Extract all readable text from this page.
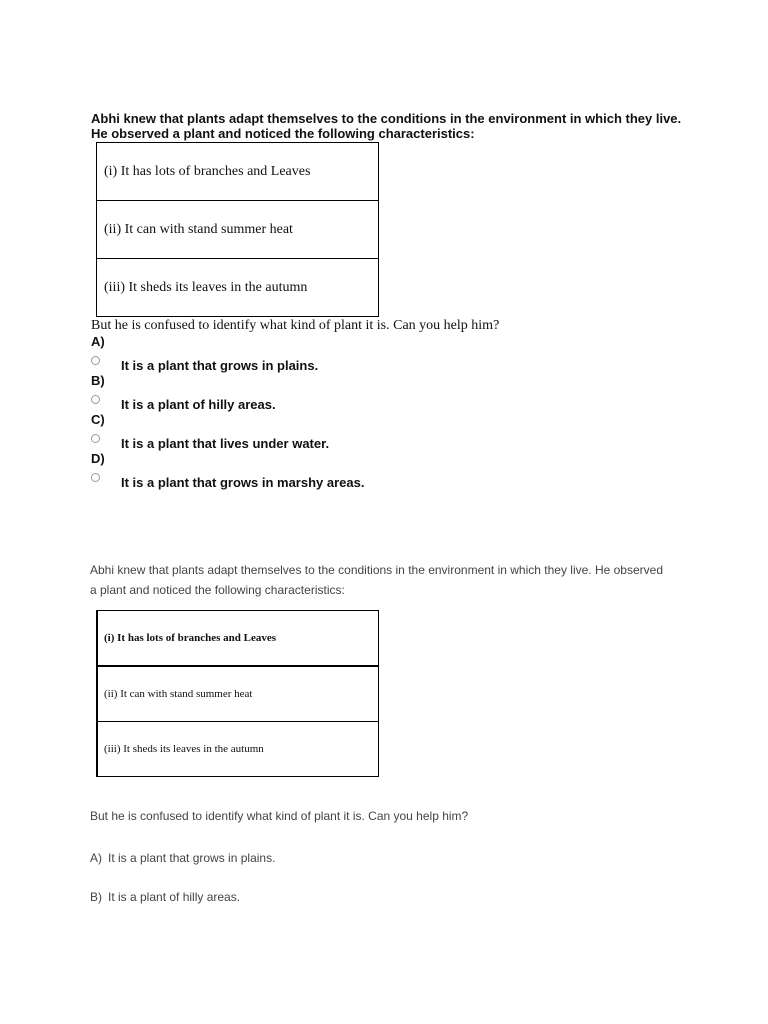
Abhi knew that plants adapt themselves to the conditions in the environment in which they live. He observed a plant and noticed the following characteristics:
(i) It has lots of branches and Leaves
(ii) It can with stand summer heat
(iii) It sheds its leaves in the autumn
But he is confused to identify what kind of plant it is. Can you help him?
A)
It is a plant that grows in plains.
B)
It is a plant of hilly areas.
C)
It is a plant that lives under water.
D)
It is a plant that grows in marshy areas.
Abhi knew that plants adapt themselves to the conditions in the environment in which they live. He observed a plant and noticed the following characteristics:
(i) It has lots of branches and Leaves
(ii) It can with stand summer heat
(iii) It sheds its leaves in the autumn
But he is confused to identify what kind of plant it is. Can you help him?
A) It is a plant that grows in plains.
B) It is a plant of hilly areas.
